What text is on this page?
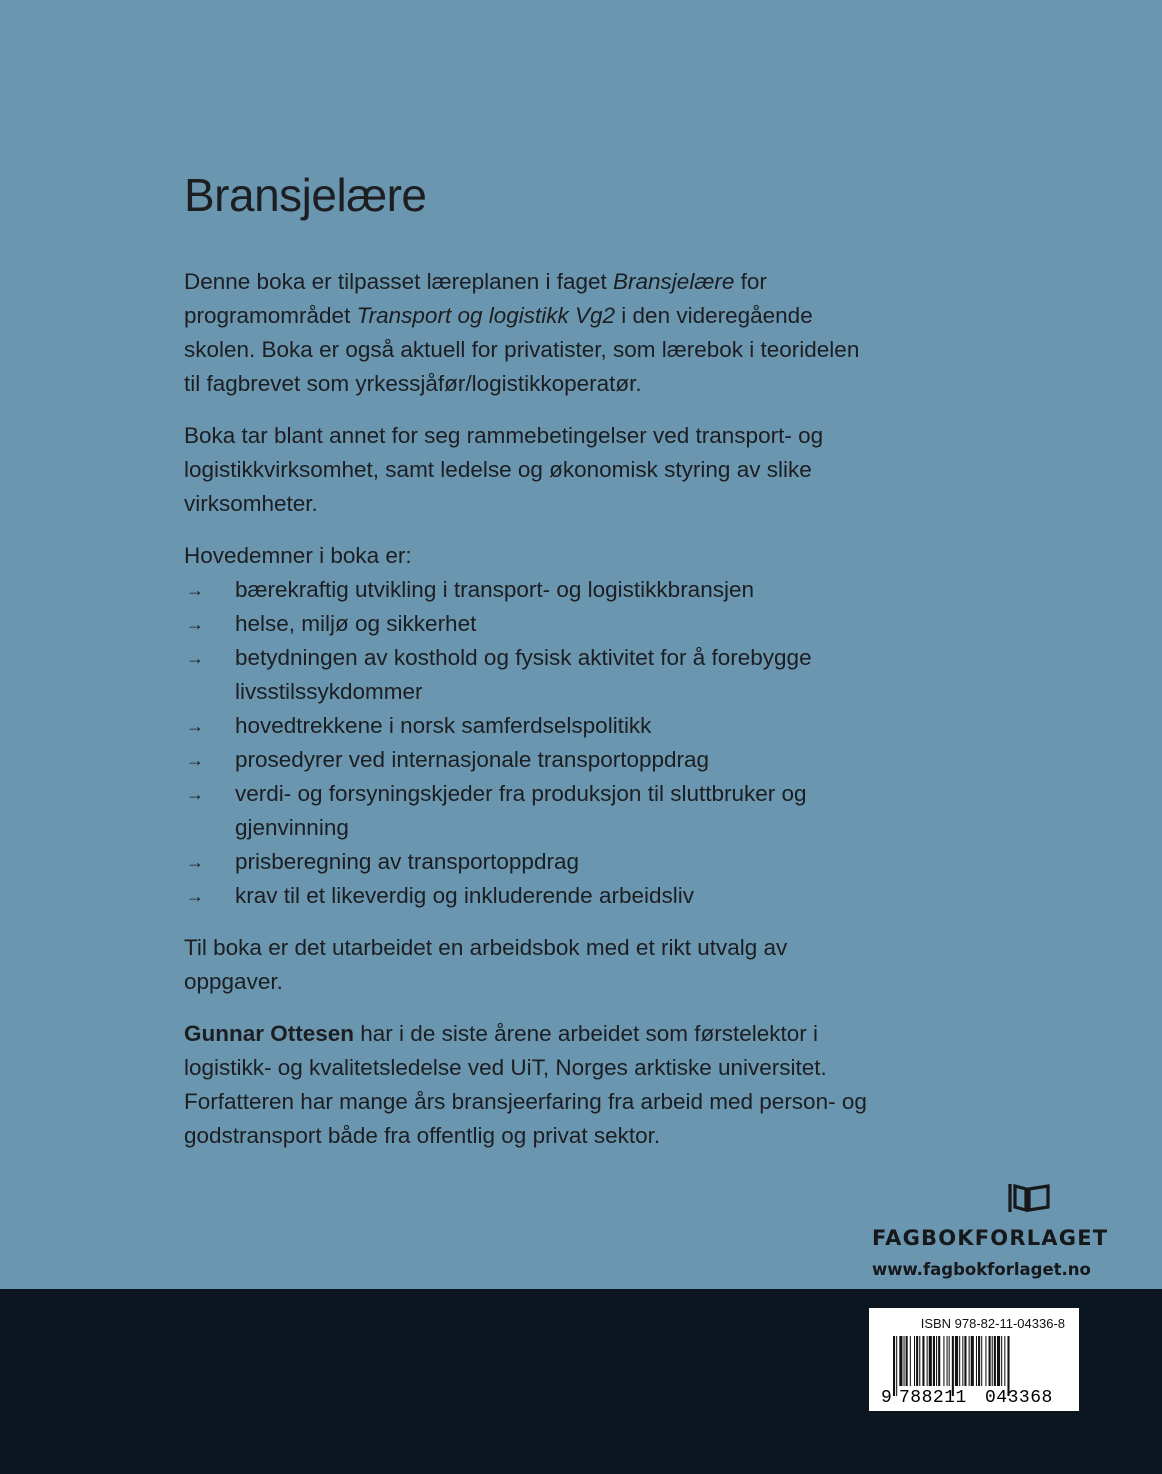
Bransjelære

Denne boka er tilpasset læreplanen i faget Bransjelære for programområdet Transport og logistikk Vg2 i den videregående skolen. Boka er også aktuell for privatister, som lærebok i teoridelen til fagbrevet som yrkessjåfør/logistikkoperatør.

Boka tar blant annet for seg rammebetingelser ved transport- og logistikkvirksomhet, samt ledelse og økonomisk styring av slike virksomheter.

Hovedemner i boka er:

→ bærekraftig utvikling i transport- og logistikkbransjen
→ helse, miljø og sikkerhet
→ betydningen av kosthold og fysisk aktivitet for å forebygge livsstilssykdommer
→ hovedtrekkene i norsk samferdselspolitikk
→ prosedyrer ved internasjonale transportoppdrag
→ verdi- og forsyningskjeder fra produksjon til sluttbruker og gjenvinning
→ prisberegning av transportoppdrag
→ krav til et likeverdig og inkluderende arbeidsliv

Til boka er det utarbeidet en arbeidsbok med et rikt utvalg av oppgaver.

Gunnar Ottesen har i de siste årene arbeidet som førstelektor i logistikk- og kvalitetsledelse ved UiT, Norges arktiske universitet. Forfatteren har mange års bransjeerfaring fra arbeid med person- og godstransport både fra offentlig og privat sektor.

FAGBOKFORLAGET
www.fagbokforlaget.no
ISBN 978-82-11-04336-8
9 788211 043368
